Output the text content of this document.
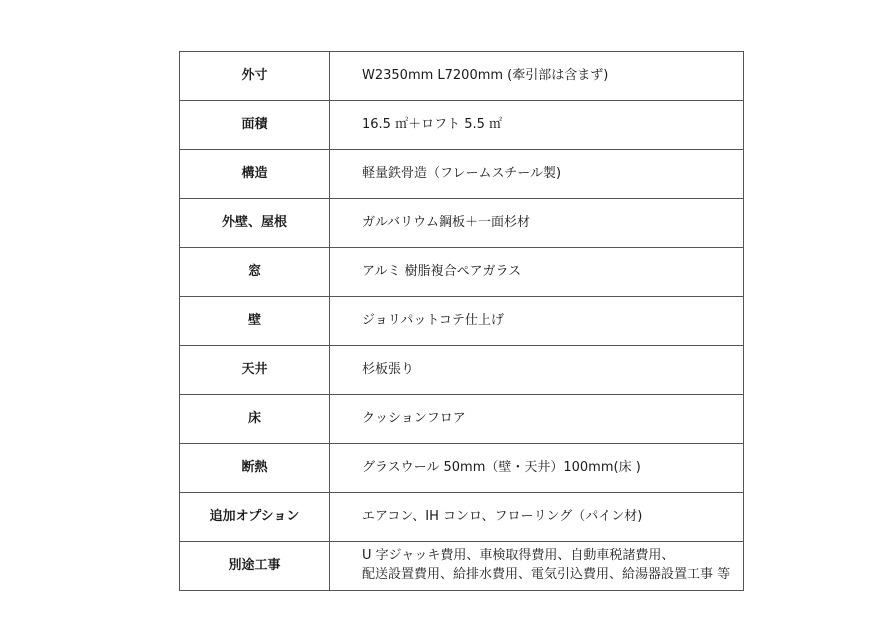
外寸	W2350mm L7200mm (牽引部は含まず)
面積	16.5 ㎡＋ロフト 5.5 ㎡
構造	軽量鉄骨造（フレームスチール製)
外壁、屋根	ガルバリウム鋼板＋一面杉材
窓	アルミ 樹脂複合ペアガラス
壁	ジョリパットコテ仕上げ
天井	杉板張り
床	クッションフロア
断熱	グラスウール 50mm（壁・天井）100mm(床 )
追加オプション	エアコン、IH コンロ、フローリング（パイン材)
別途工事	U 字ジャッキ費用、車検取得費用、自動車税諸費用、
配送設置費用、給排水費用、電気引込費用、給湯器設置工事 等
